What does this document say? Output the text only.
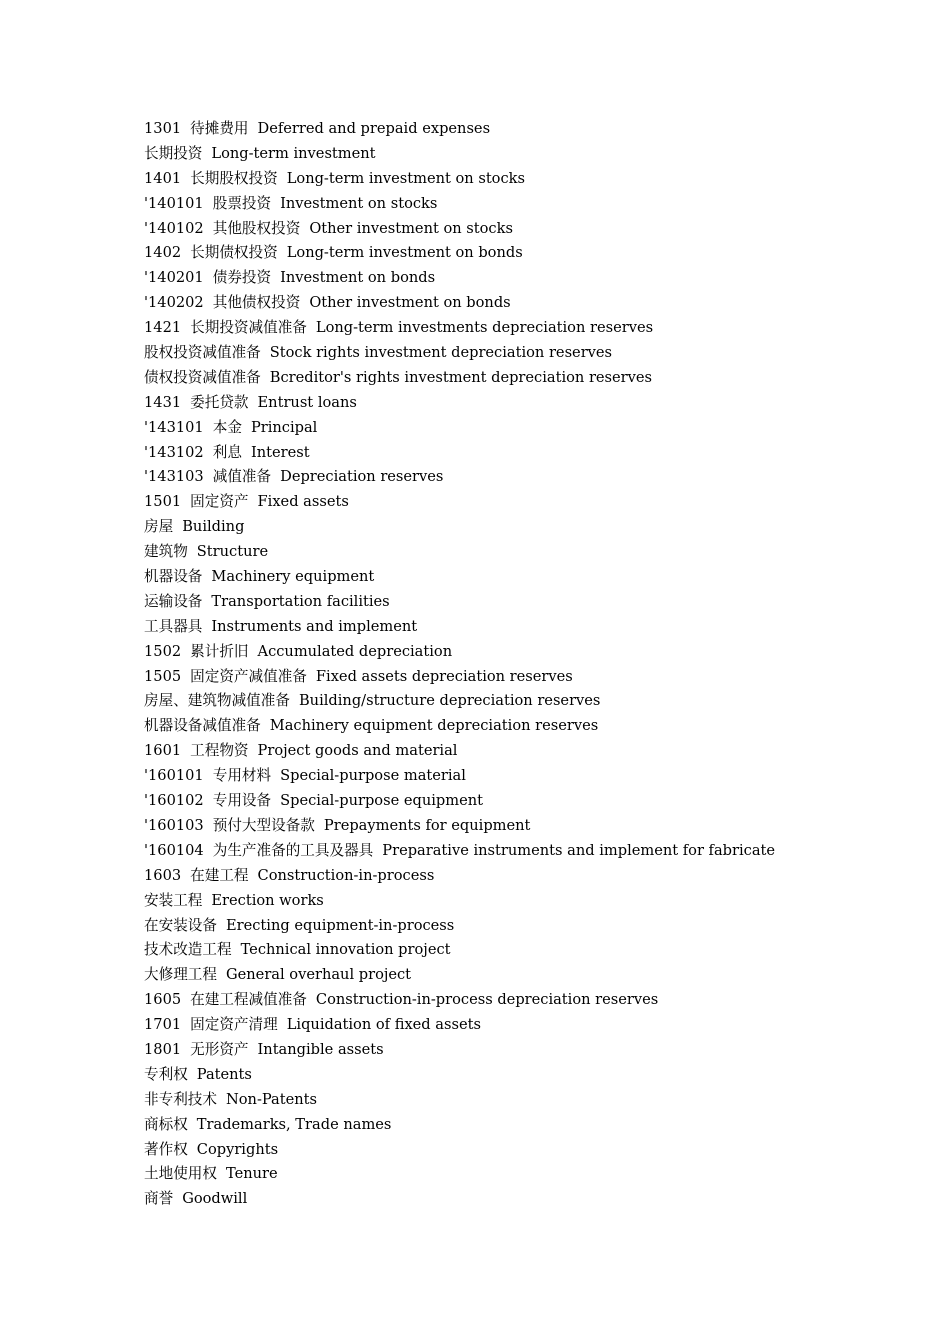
1301 待摊费用 Deferred and prepaid expenses
长期投资 Long-term investment
1401 长期股权投资 Long-term investment on stocks
'140101 股票投资 Investment on stocks
'140102 其他股权投资 Other investment on stocks
1402 长期债权投资 Long-term investment on bonds
'140201 债券投资 Investment on bonds
'140202 其他债权投资 Other investment on bonds
1421 长期投资减值准备 Long-term investments depreciation reserves
股权投资减值准备 Stock rights investment depreciation reserves
债权投资减值准备 Bcreditor's rights investment depreciation reserves
1431 委托贷款 Entrust loans
'143101 本金 Principal
'143102 利息 Interest
'143103 减值准备 Depreciation reserves
1501 固定资产 Fixed assets
房屋 Building
建筑物 Structure
机器设备 Machinery equipment
运输设备 Transportation facilities
工具器具 Instruments and implement
1502 累计折旧 Accumulated depreciation
1505 固定资产减值准备 Fixed assets depreciation reserves
房屋、建筑物减值准备 Building/structure depreciation reserves
机器设备减值准备 Machinery equipment depreciation reserves
1601 工程物资 Project goods and material
'160101 专用材料 Special-purpose material
'160102 专用设备 Special-purpose equipment
'160103 预付大型设备款 Prepayments for equipment
'160104 为生产准备的工具及器具 Preparative instruments and implement for fabricate
1603 在建工程 Construction-in-process
安装工程 Erection works
在安装设备 Erecting equipment-in-process
技术改造工程 Technical innovation project
大修理工程 General overhaul project
1605 在建工程减值准备 Construction-in-process depreciation reserves
1701 固定资产清理 Liquidation of fixed assets
1801 无形资产 Intangible assets
专利权 Patents
非专利技术 Non-Patents
商标权 Trademarks, Trade names
著作权 Copyrights
土地使用权 Tenure
商誉 Goodwill
